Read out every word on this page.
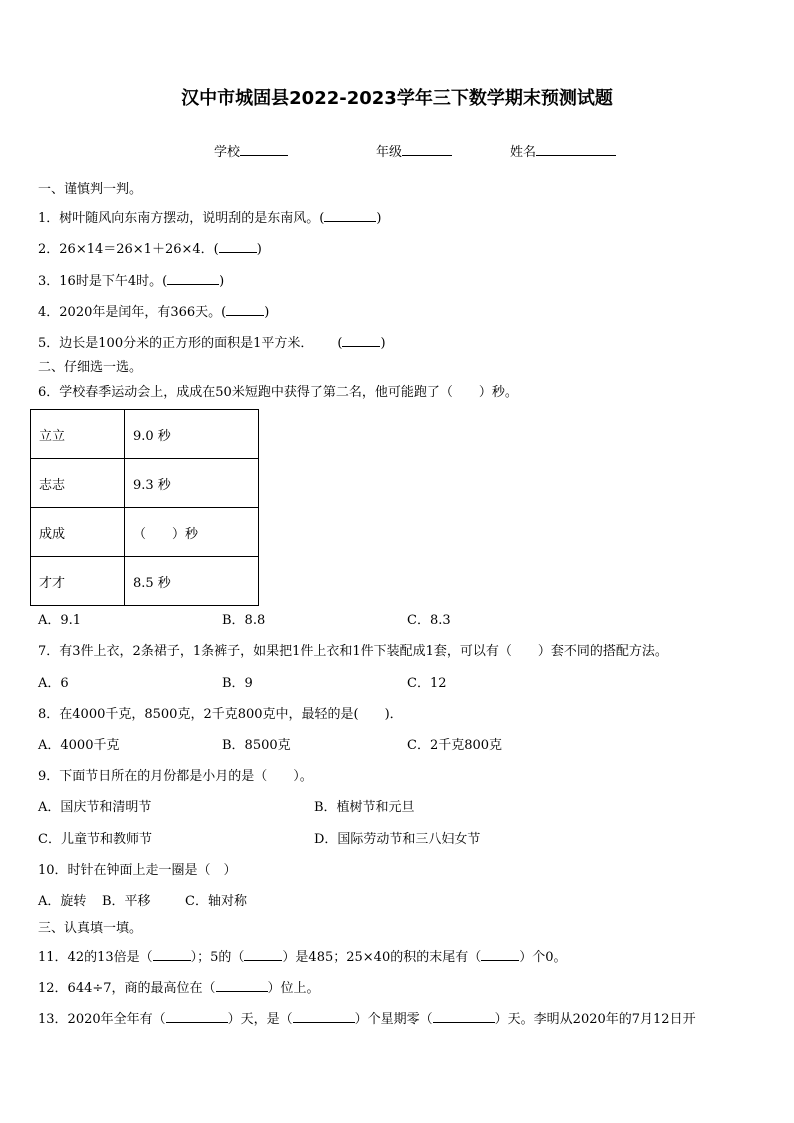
汉中市城固县2022-2023学年三下数学期末预测试题
学校	年级	姓名
一、谨慎判一判。
1．树叶随风向东南方摆动，说明刮的是东南风。(	)
2．26×14＝26×1＋26×4．(	)
3．16时是下午4时。(	)
4．2020年是闰年，有366天。(	)
5．边长是100分米的正方形的面积是1平方米． (	)
二、仔细选一选。
6．学校春季运动会上，成成在50米短跑中获得了第二名，他可能跑了（　　）秒。
立立	9.0 秒
志志	9.3 秒
成成	（　　）秒
才才	8.5 秒
A．9.1	B．8.8	C．8.3
7．有3件上衣，2条裙子，1条裤子，如果把1件上衣和1件下装配成1套，可以有（　　）套不同的搭配方法。
A．6	B．9	C．12
8．在4000千克，8500克，2千克800克中，最轻的是(　　)．
A．4000千克	B．8500克	C．2千克800克
9．下面节日所在的月份都是小月的是（　　）。
A．国庆节和清明节	B．植树节和元旦
C．儿童节和教师节	D．国际劳动节和三八妇女节
10．时针在钟面上走一圈是（　）
A．旋转 B．平移	C．轴对称
三、认真填一填。
11．42的13倍是（	）；5的（	）是485；25×40的积的末尾有（	）个0。
12．644÷7，商的最高位在（	）位上。
13．2020年全年有（	）天，是（	）个星期零（	）天。李明从2020年的7月12日开
